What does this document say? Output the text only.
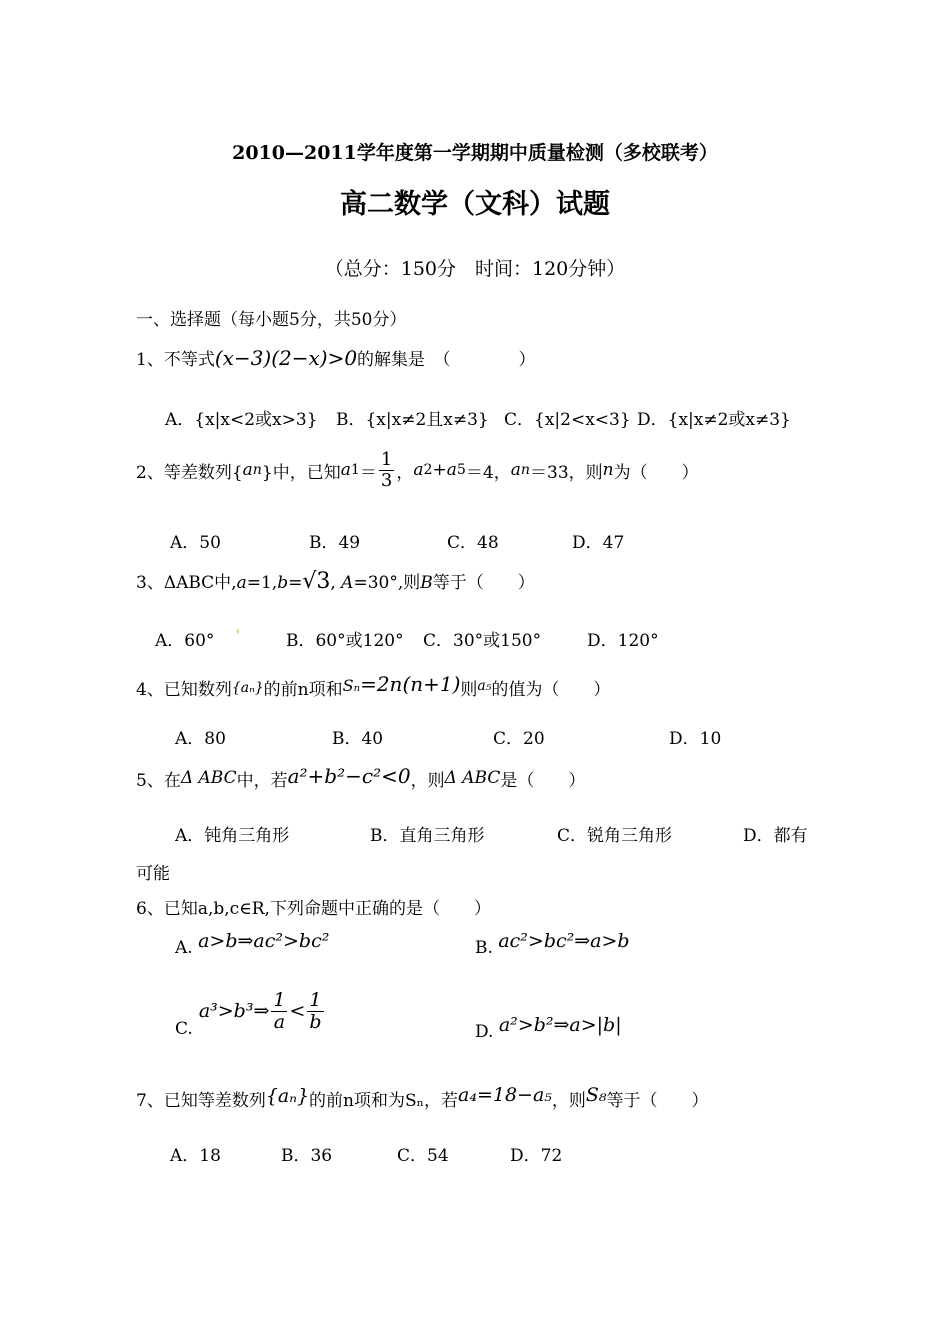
2010—2011学年度第一学期期中质量检测（多校联考）
高二数学（文科）试题
（总分：150分　时间：120分钟）
一、选择题（每小题5分，共50分）
1、不等式(x−3)(2−x)>0的解集是　（　　　　）
A．{x|x<2或x>3} B．{x|x≠2且x≠3} C．{x|2<x<3} D．{x|x≠2或x≠3}
2、等差数列{ a n }中，已知 a $1 = \frac{1}{3}$ ， a 2 + a 5 ＝4， a n ＝33，则 n 为（　　）
A．50	B．49	C．48	D．47
3、ΔABC中,a=1,b=√3, A=30°,则B等于（　　）
A．60° '	B．60°或120° C．30°或150°	D．120°
4、已知数列{aₙ}的前n项和Sₙ=2n(n+1)则$^{a_5}$的值为（　　）
A．80	B．40	C．20	D．10
5、在Δ ABC中，若a²+b²−c²<0，则Δ ABC是（　　）
A．钝角三角形	B．直角三角形	C．锐角三角形	D．都有
可能
6、已知a,b,c∈R,下列命题中正确的是（　　）
A. a>b⇒ac²>bc²	B. ac²>bc²⇒a>b
C.
a³>b³⇒ $\frac{1}{a} < \frac{1}{b}$	D. a²>b²⇒a>|b|
7、已知等差数列{aₙ}的前n项和为Sₙ，若a₄=18−a₅，则S₈等于（　　）
A．18	B．36	C．54	D．72
